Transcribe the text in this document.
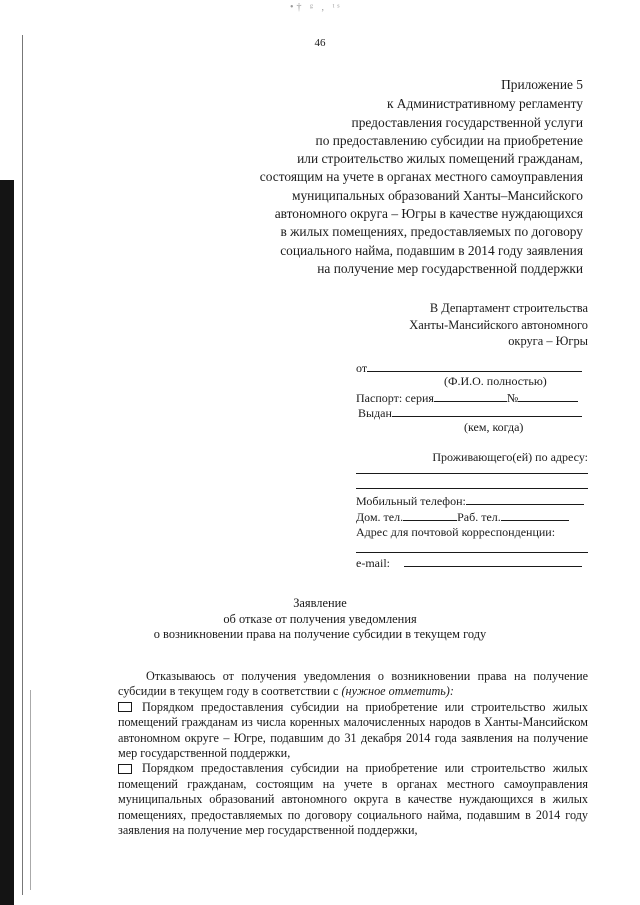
•† ᵍ , ᵗˢ
46
Приложение 5
к Административному регламенту
предоставления государственной услуги
по предоставлению субсидии на приобретение
или строительство жилых помещений гражданам,
состоящим на учете в органах местного самоуправления
муниципальных образований Ханты–Мансийского
автономного округа – Югры в качестве нуждающихся
в жилых помещениях, предоставляемых по договору
социального найма, подавшим в 2014 году заявления
на получение мер государственной поддержки
В Департамент строительства
Ханты-Мансийского автономного
округа – Югры
от
(Ф.И.О. полностью)
Паспорт: серия	№
Выдан
(кем, когда)
Проживающего(ей) по адресу:
Мобильный телефон:
Дом. тел.	Раб. тел.
Адрес для почтовой корреспонденции:
e-mail:
Заявление
об отказе от получения уведомления
о возникновении права на получение субсидии в текущем году
Отказываюсь от получения уведомления о возникновении права на получение субсидии в текущем году в соответствии с (нужное отметить):
Порядком предоставления субсидии на приобретение или строительство жилых помещений гражданам из числа коренных малочисленных народов в Ханты-Мансийском автономном округе – Югре, подавшим до 31 декабря 2014 года заявления на получение мер государственной поддержки,
Порядком предоставления субсидии на приобретение или строительство жилых помещений гражданам, состоящим на учете в органах местного самоуправления муниципальных образований автономного округа в качестве нуждающихся в жилых помещениях, предоставляемых по договору социального найма, подавшим в 2014 году заявления на получение мер государственной поддержки,
